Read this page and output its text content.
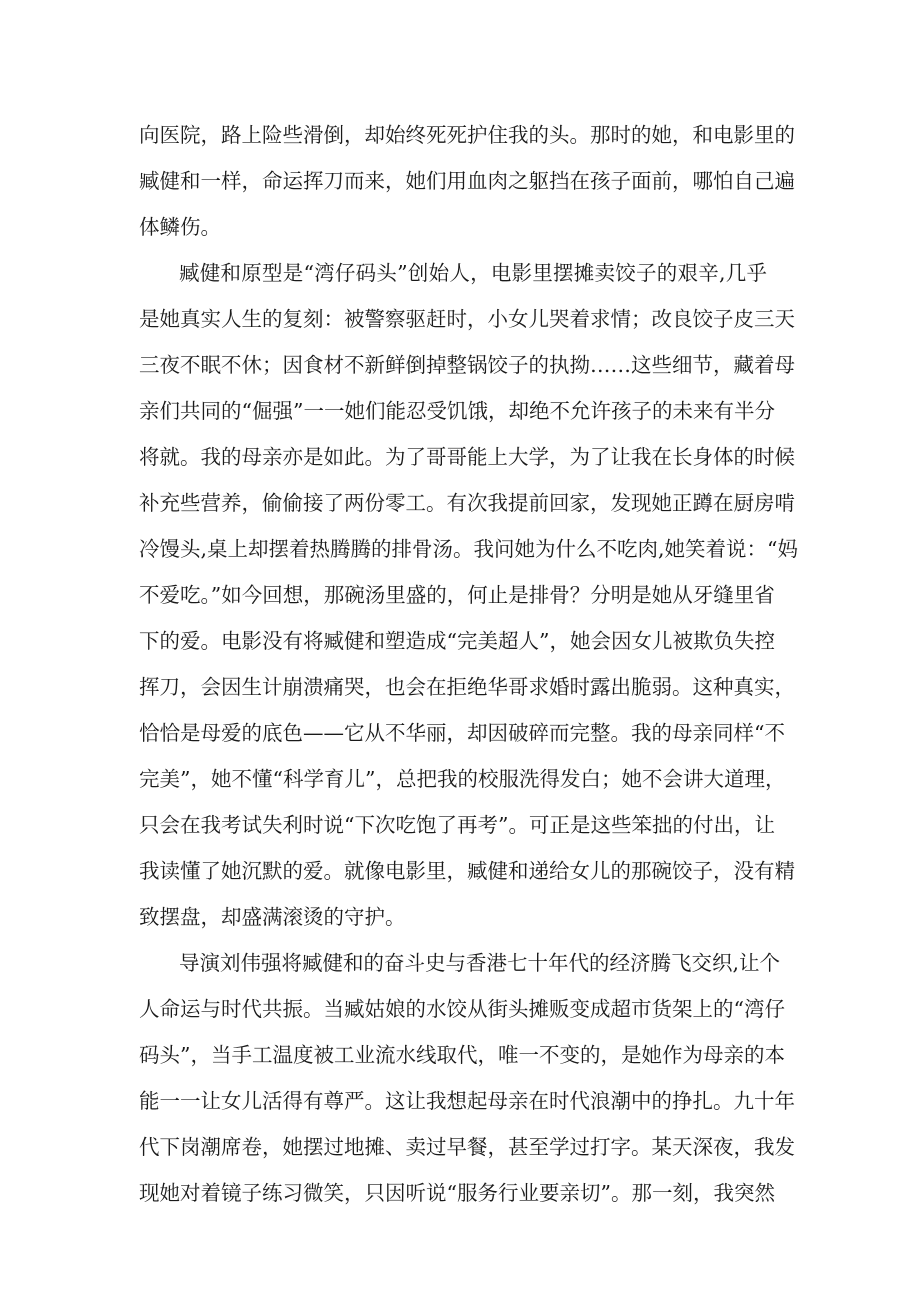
向医院，路上险些滑倒，却始终死死护住我的头。那时的她，和电影里的
臧健和一样，命运挥刀而来，她们用血肉之躯挡在孩子面前，哪怕自己遍
体鳞伤。
臧健和原型是“湾仔码头”创始人，电影里摆摊卖饺子的艰辛,几乎
是她真实人生的复刻：被警察驱赶时，小女儿哭着求情；改良饺子皮三天
三夜不眠不休；因食材不新鲜倒掉整锅饺子的执拗……这些细节，藏着母
亲们共同的“倔强”一一她们能忍受饥饿，却绝不允许孩子的未来有半分
将就。我的母亲亦是如此。为了哥哥能上大学，为了让我在长身体的时候
补充些营养，偷偷接了两份零工。有次我提前回家，发现她正蹲在厨房啃
冷馒头,桌上却摆着热腾腾的排骨汤。我问她为什么不吃肉,她笑着说：“妈
不爱吃。”如今回想，那碗汤里盛的，何止是排骨？分明是她从牙缝里省
下的爱。电影没有将臧健和塑造成“完美超人”，她会因女儿被欺负失控
挥刀，会因生计崩溃痛哭，也会在拒绝华哥求婚时露出脆弱。这种真实，
恰恰是母爱的底色——它从不华丽，却因破碎而完整。我的母亲同样“不
完美”，她不懂“科学育儿”，总把我的校服洗得发白；她不会讲大道理，
只会在我考试失利时说“下次吃饱了再考”。可正是这些笨拙的付出，让
我读懂了她沉默的爱。就像电影里，臧健和递给女儿的那碗饺子，没有精
致摆盘，却盛满滚烫的守护。
导演刘伟强将臧健和的奋斗史与香港七十年代的经济腾飞交织,让个
人命运与时代共振。当臧姑娘的水饺从街头摊贩变成超市货架上的“湾仔
码头”，当手工温度被工业流水线取代，唯一不变的，是她作为母亲的本
能一一让女儿活得有尊严。这让我想起母亲在时代浪潮中的挣扎。九十年
代下岗潮席卷，她摆过地摊、卖过早餐，甚至学过打字。某天深夜，我发
现她对着镜子练习微笑，只因听说“服务行业要亲切”。那一刻，我突然
